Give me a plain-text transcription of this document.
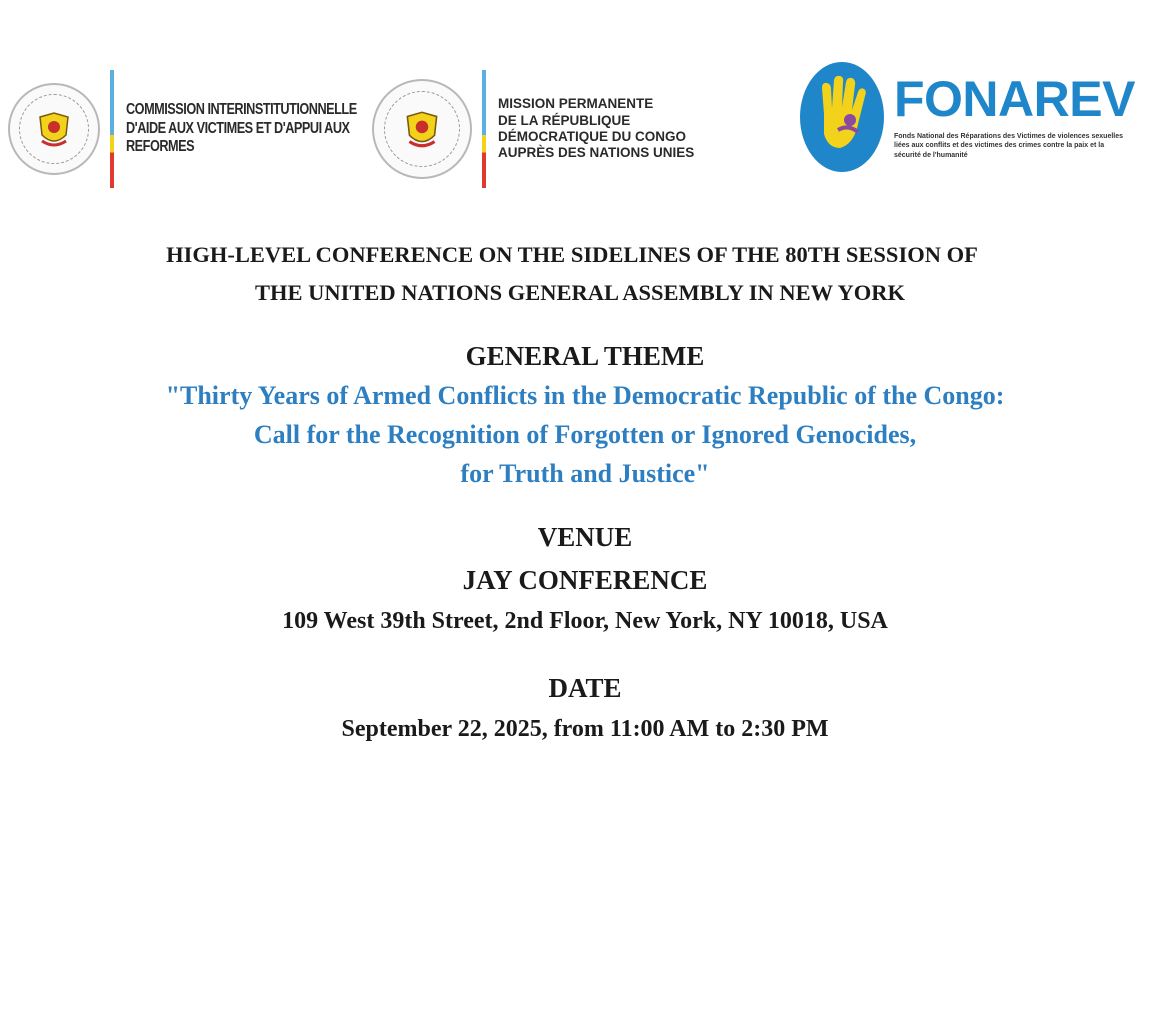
COMMISSION INTERINSTITUTIONNELLE
D'AIDE AUX VICTIMES ET D'APPUI AUX
REFORMES
MISSION PERMANENTE
DE LA RÉPUBLIQUE
DÉMOCRATIQUE DU CONGO
AUPRÈS DES NATIONS UNIES
FONAREV
Fonds National des Réparations des Victimes de violences sexuelles liées aux conflits et des victimes des crimes contre la paix et la sécurité de l'humanité
HIGH-LEVEL CONFERENCE ON THE SIDELINES OF THE 80TH SESSION OF
THE UNITED NATIONS GENERAL ASSEMBLY IN NEW YORK
GENERAL THEME
"Thirty Years of Armed Conflicts in the Democratic Republic of the Congo:
Call for the Recognition of Forgotten or Ignored Genocides,
for Truth and Justice"
VENUE
JAY CONFERENCE
109 West 39th Street, 2nd Floor, New York, NY 10018, USA
DATE
September 22, 2025, from 11:00 AM to 2:30 PM
